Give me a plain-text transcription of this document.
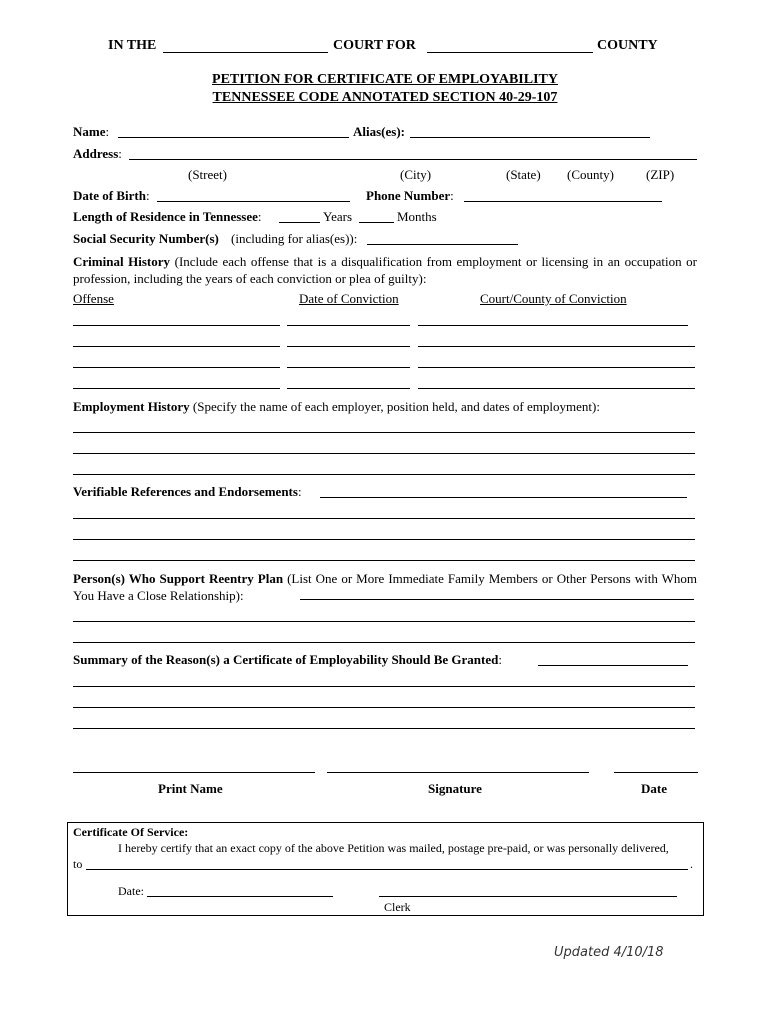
IN THE	COURT FOR	COUNTY
PETITION FOR CERTIFICATE OF EMPLOYABILITY
TENNESSEE CODE ANNOTATED SECTION 40-29-107
Name:	Alias(es):
Address:
(Street)	(City)	(State) (County) (ZIP)
Date of Birth:	Phone Number:
Length of Residence in Tennessee:	Years	Months
Social Security Number(s) (including for alias(es)):
Criminal History (Include each offense that is a disqualification from employment or licensing in an occupation or profession, including the years of each conviction or plea of guilty):
Offense	Date of Conviction	Court/County of Conviction
Employment History (Specify the name of each employer, position held, and dates of employment):
Verifiable References and Endorsements:
Person(s) Who Support Reentry Plan (List One or More Immediate Family Members or Other Persons with Whom You Have a Close Relationship):
Summary of the Reason(s) a Certificate of Employability Should Be Granted:
Print Name	Signature	Date
Certificate Of Service:
I hereby certify that an exact copy of the above Petition was mailed, postage pre-paid, or was personally delivered,
to	.
Date:
Clerk
Updated 4/10/18
